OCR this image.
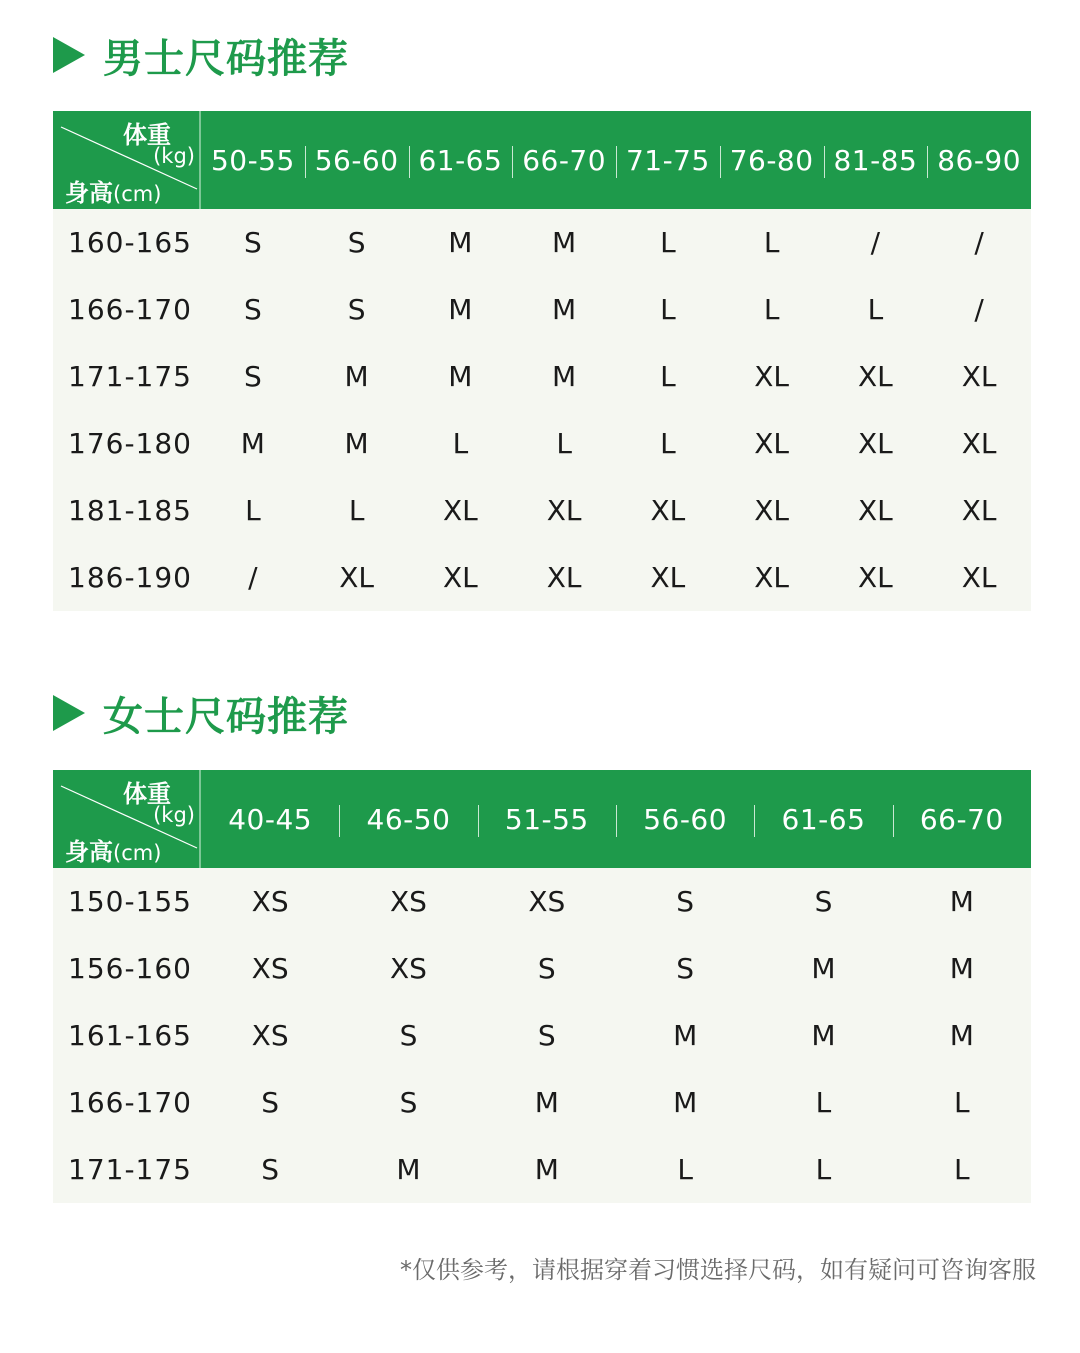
男士尺码推荐
体重
(kg)
身高(cm)
50-55 56-60 61-65 66-70 71-75 76-80 81-85 86-90
160-165	S	S	M	M	L	L	/	/
166-170	S	S	M	M	L	L	L	/
171-175	S	M	M	M	L	XL	XL	XL
176-180	M	M	L	L	L	XL	XL	XL
181-185	L	L	XL	XL	XL	XL	XL	XL
186-190	/	XL	XL	XL	XL	XL	XL	XL
女士尺码推荐
体重
(kg)
身高(cm)
40-45	46-50	51-55	56-60	61-65	66-70
150-155	XS	XS	XS	S	S	M
156-160	XS	XS	S	S	M	M
161-165	XS	S	S	M	M	M
166-170	S	S	M	M	L	L
171-175	S	M	M	L	L	L
*仅供参考，请根据穿着习惯选择尺码，如有疑问可咨询客服
